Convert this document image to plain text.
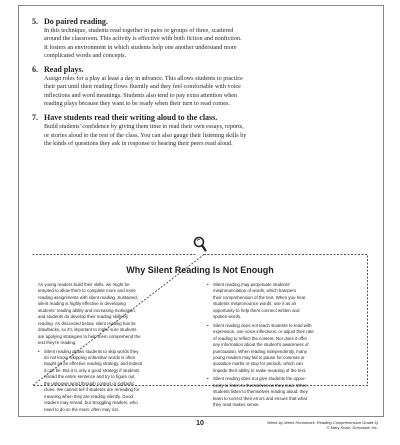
5. Do paired reading.
In this technique, students read together in pairs or groups of three, scattered
around the classroom. This activity is effective with both fiction and nonfiction.
It fosters an environment in which students help one another understand more
complicated words and concepts.
6. Read plays.
Assign roles for a play at least a day in advance. This allows students to practice
their part until their reading flows fluently and they feel comfortable with voice
inflections and word meanings. Students also tend to pay extra attention when
reading plays because they want to be ready when their turn to read comes.
7. Have students read their writing aloud to the class.
Build students' confidence by giving them time to read their own essays, reports,
or stories aloud to the rest of the class. You can also gauge their listening skills by
the kinds of questions they ask in response to hearing their peers read aloud.
Why Silent Reading Is Not Enough

As young readers build their skills, we might be
tempted to allow them to complete more and more
reading assignments with silent reading. Sustained,
silent reading is highly effective in developing
students' reading ability and increasing motivation,
and students do develop their reading skills by
reading. As discussed below, silent reading has its
drawbacks, so it's important to make sure students
are applying strategies to help them comprehend the
text they're reading.

• Silent reading allows students to skip words they
do not know. Skipping unfamiliar words is often
taught as an effective reading strategy, and indeed
it can be. But it is only a good strategy if students
reread the entire sentence and try to figure out
the unknown word through context or syntactic
clues. We cannot tell if students are rereading for
meaning when they are reading silently. Good
readers may reread, but struggling readers, who
need to do so the most, often may not.
• Silent reading may perpetuate students'
mispronunciation of words, which hampers
their comprehension of the text. When you hear
students mispronounce words, use it as an
opportunity to help them connect written and
spoken words.
• Silent reading does not teach students to read with
expression, use voice inflections, or adjust their rate
of reading to reflect the content. Nor does it offer
any information about the student's awareness of
punctuation. When reading independently, many
young readers may fail to pause for commas or
quotation marks or stop for periods, which can
impede their ability to make meaning of the text.
• Silent reading does not give students the oppor-
tunity to listen to themselves as they read. When
students listen to themselves reading aloud, they
learn to correct their errors and ensure that what
they read makes sense.
10	Week-by-Week Homework: Reading Comprehension Grade 5)
© Mary Rose, Scholastic Inc.
